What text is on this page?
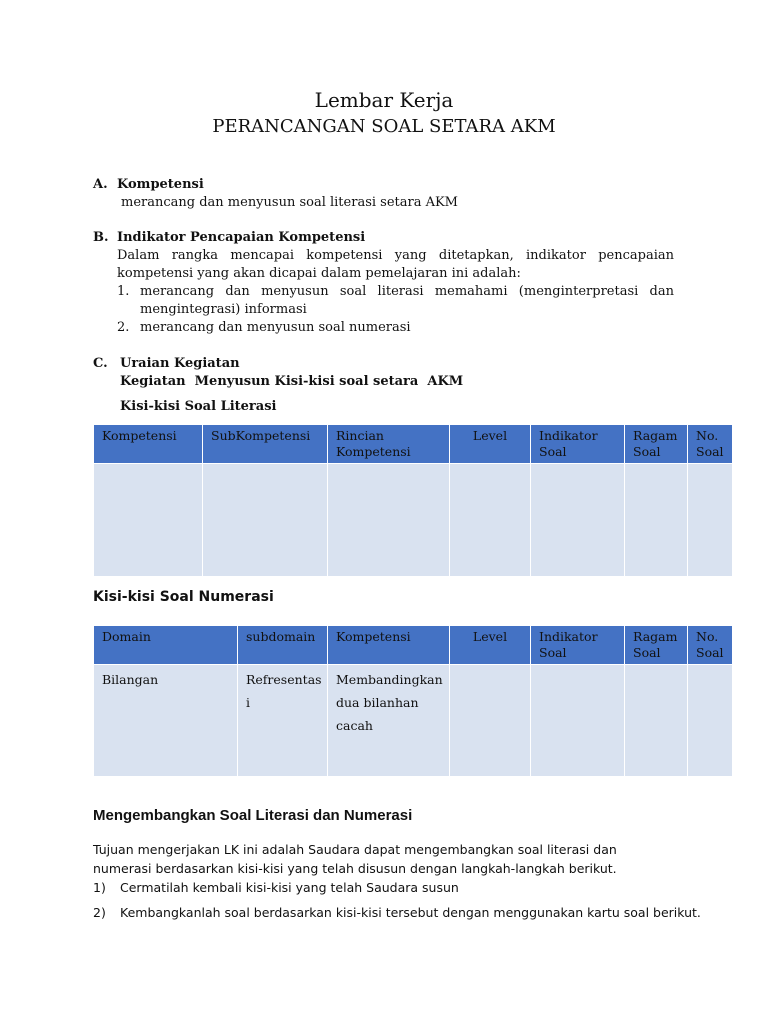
Lembar Kerja
PERANCANGAN SOAL SETARA AKM
A. Kompetensi
merancang dan menyusun soal literasi setara AKM
B. Indikator Pencapaian Kompetensi
Dalam rangka mencapai kompetensi yang ditetapkan, indikator pencapaian kompetensi yang akan dicapai dalam pemelajaran ini adalah:
1. merancang dan menyusun soal literasi memahami (menginterpretasi dan mengintegrasi) informasi
2. merancang dan menyusun soal numerasi
C. Uraian Kegiatan
Kegiatan  Menyusun Kisi-kisi soal setara  AKM
Kisi-kisi Soal Literasi
Kompetensi	SubKompetensi	Rincian Kompetensi	Level	Indikator Soal	Ragam Soal	No. Soal

Kisi-kisi Soal Numerasi
Domain	subdomain	Kompetensi	Level	Indikator Soal	Ragam Soal	No. Soal
Bilangan	Refresentas i	Membandingkan dua bilanhan cacah				
Mengembangkan Soal Literasi dan Numerasi
Tujuan mengerjakan LK ini adalah Saudara dapat mengembangkan soal literasi dan numerasi berdasarkan kisi-kisi yang telah disusun dengan langkah-langkah berikut.
1) Cermatilah kembali kisi-kisi yang telah Saudara susun
2) Kembangkanlah soal berdasarkan kisi-kisi tersebut dengan menggunakan kartu soal berikut.
